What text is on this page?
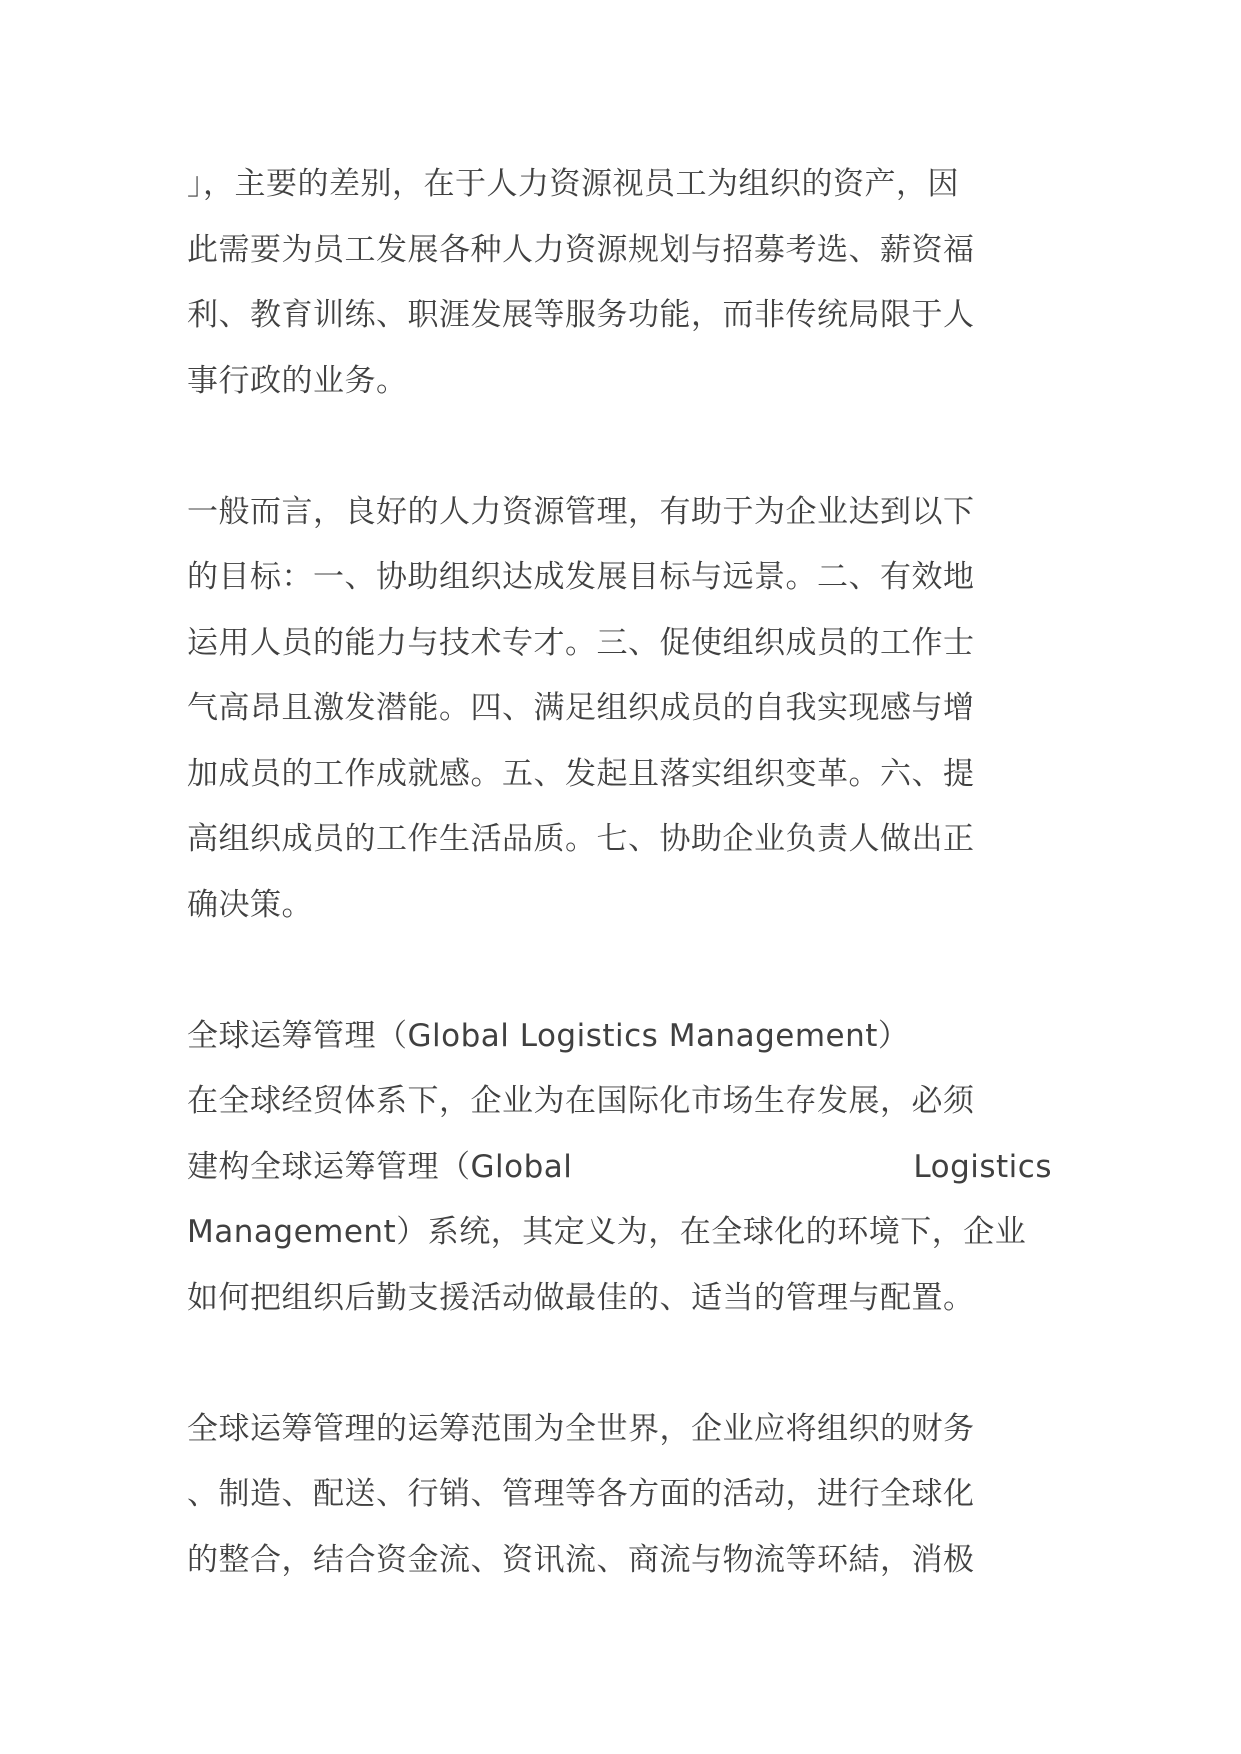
」，主要的差别，在于人力资源视员工为组织的资产，因
此需要为员工发展各种人力资源规划与招募考选、薪资福
利、教育训练、职涯发展等服务功能，而非传统局限于人
事行政的业务。

一般而言，良好的人力资源管理，有助于为企业达到以下
的目标：一、协助组织达成发展目标与远景。二、有效地
运用人员的能力与技术专才。三、促使组织成员的工作士
气高昂且激发潜能。四、满足组织成员的自我实现感与增
加成员的工作成就感。五、发起且落实组织变革。六、提
高组织成员的工作生活品质。七、协助企业负责人做出正
确决策。

全球运筹管理（Global Logistics Management）
在全球经贸体系下，企业为在国际化市场生存发展，必须
建构全球运筹管理（Global	Logistics
Management）系统，其定义为，在全球化的环境下，企业
如何把组织后勤支援活动做最佳的、适当的管理与配置。

全球运筹管理的运筹范围为全世界，企业应将组织的财务
、制造、配送、行销、管理等各方面的活动，进行全球化
的整合，结合资金流、资讯流、商流与物流等环結，消极
